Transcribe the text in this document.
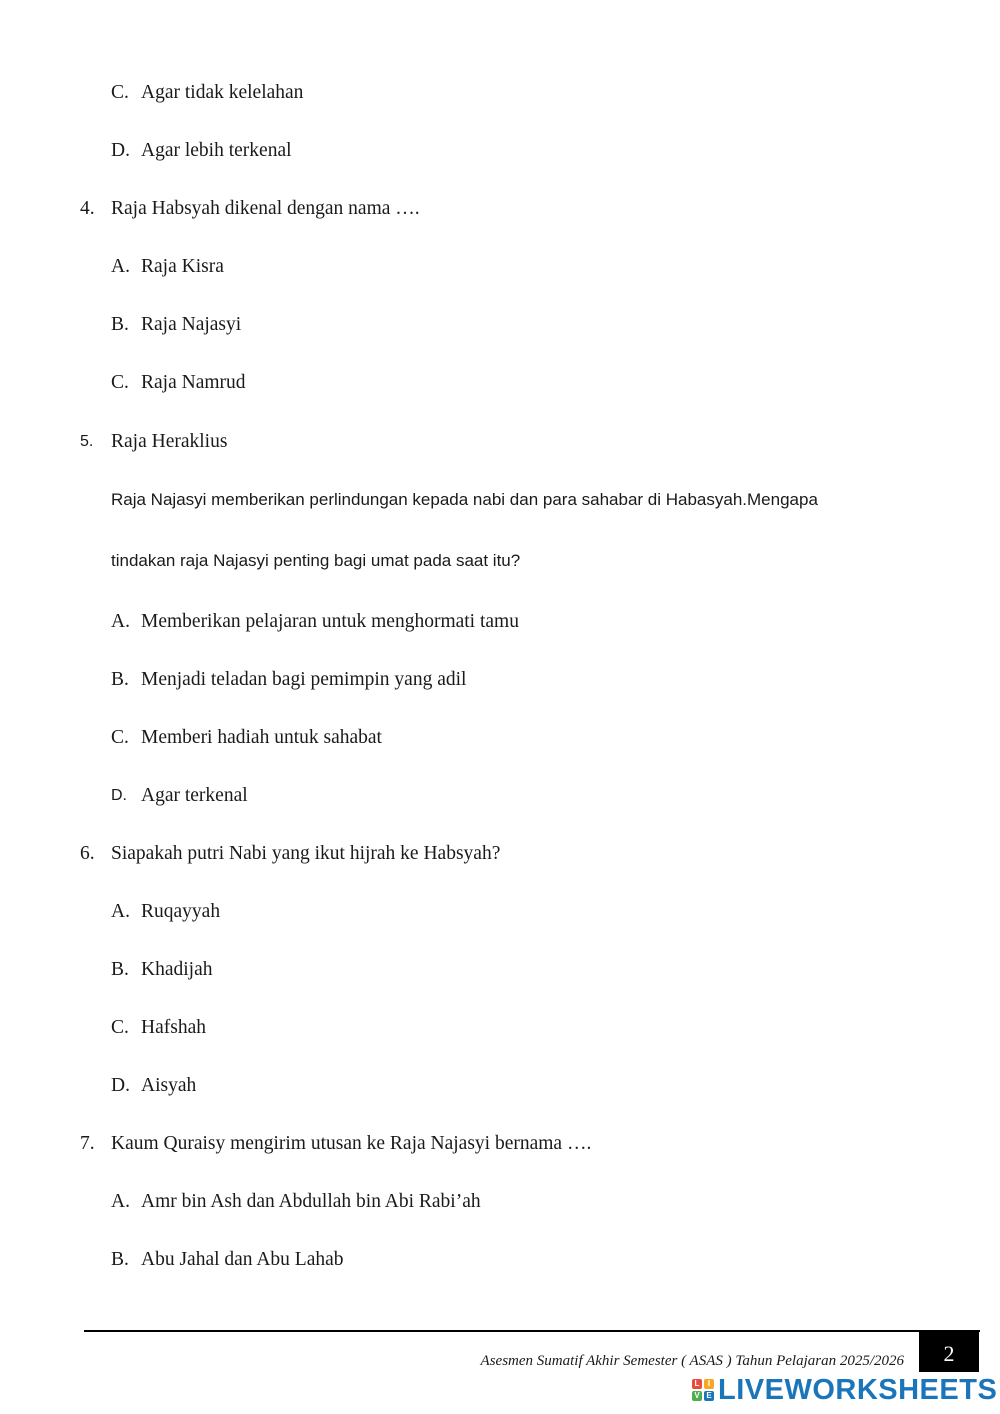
C. Agar tidak kelelahan
D. Agar lebih terkenal
4. Raja Habsyah dikenal dengan nama ….
A. Raja Kisra
B. Raja Najasyi
C. Raja Namrud
5. Raja Heraklius
Raja Najasyi memberikan perlindungan kepada nabi dan para sahabar di Habasyah.Mengapa
tindakan raja Najasyi penting bagi umat pada saat itu?
A. Memberikan pelajaran untuk menghormati tamu
B. Menjadi teladan bagi pemimpin yang adil
C. Memberi hadiah untuk sahabat
D. Agar terkenal
6. Siapakah putri Nabi yang ikut hijrah ke Habsyah?
A. Ruqayyah
B. Khadijah
C. Hafshah
D. Aisyah
7. Kaum Quraisy mengirim utusan ke Raja Najasyi bernama ….
A. Amr bin Ash dan Abdullah bin Abi Rabi’ah
B. Abu Jahal dan Abu Lahab
Asesmen Sumatif Akhir Semester ( ASAS ) Tahun Pelajaran 2025/2026	2
L	I
V E LIVEWORKSHEETS
